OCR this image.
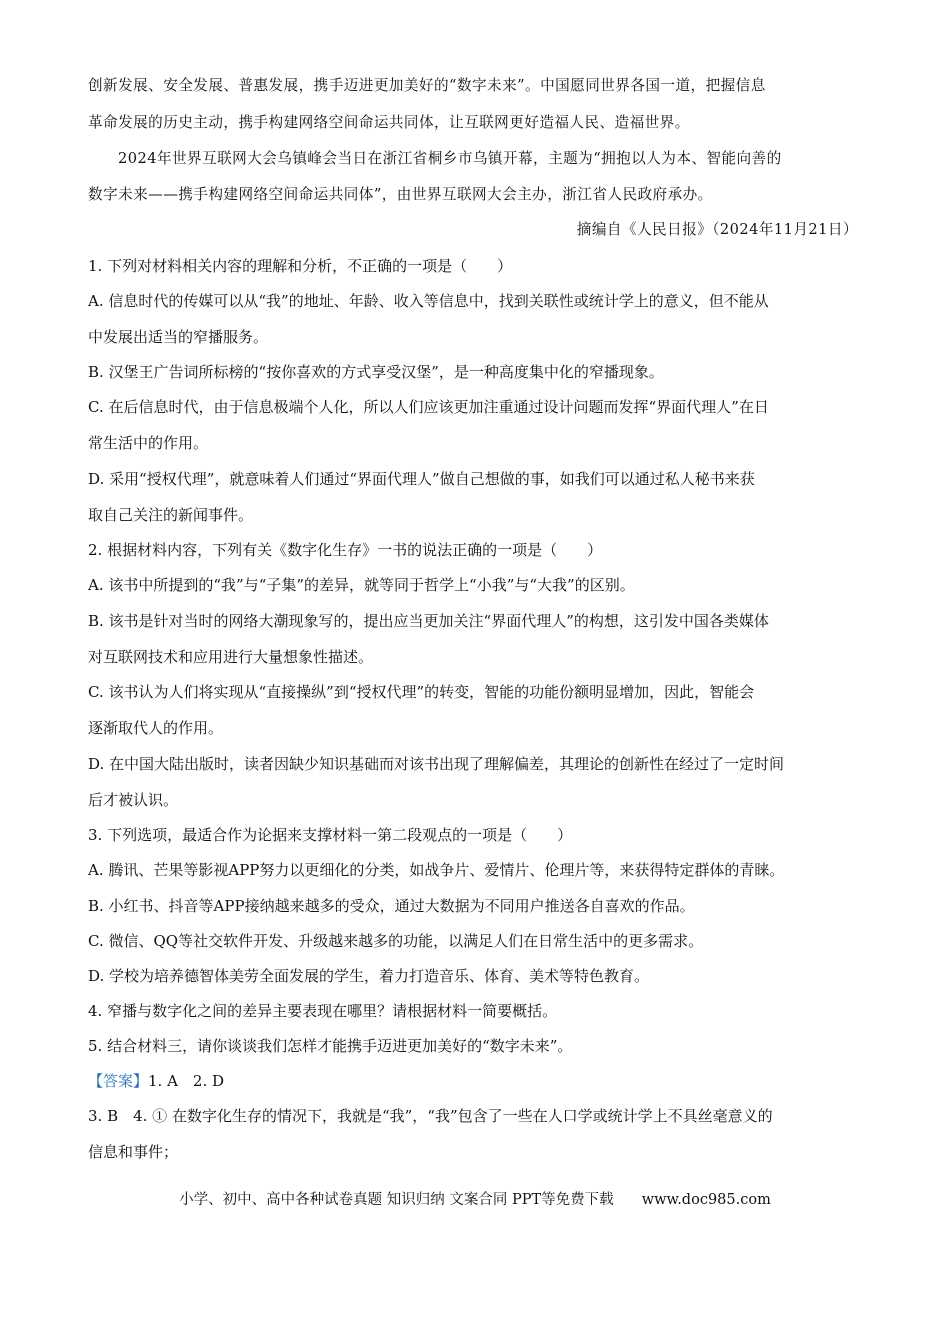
创新发展、安全发展、普惠发展，携手迈进更加美好的“数字未来”。中国愿同世界各国一道，把握信息
革命发展的历史主动，携手构建网络空间命运共同体，让互联网更好造福人民、造福世界。
2024年世界互联网大会乌镇峰会当日在浙江省桐乡市乌镇开幕，主题为“拥抱以人为本、智能向善的
数字未来——携手构建网络空间命运共同体”，由世界互联网大会主办，浙江省人民政府承办。
摘编自《人民日报》（2024年11月21日）
1. 下列对材料相关内容的理解和分析，不正确的一项是（　　）
A. 信息时代的传媒可以从“我”的地址、年龄、收入等信息中，找到关联性或统计学上的意义，但不能从
中发展出适当的窄播服务。
B. 汉堡王广告词所标榜的“按你喜欢的方式享受汉堡”，是一种高度集中化的窄播现象。
C. 在后信息时代，由于信息极端个人化，所以人们应该更加注重通过设计问题而发挥“界面代理人”在日
常生活中的作用。
D. 采用“授权代理”，就意味着人们通过“界面代理人”做自己想做的事，如我们可以通过私人秘书来获
取自己关注的新闻事件。
2. 根据材料内容，下列有关《数字化生存》一书的说法正确的一项是（　　）
A. 该书中所提到的“我”与“子集”的差异，就等同于哲学上“小我”与“大我”的区别。
B. 该书是针对当时的网络大潮现象写的，提出应当更加关注“界面代理人”的构想，这引发中国各类媒体
对互联网技术和应用进行大量想象性描述。
C. 该书认为人们将实现从“直接操纵”到“授权代理”的转变，智能的功能份额明显增加，因此，智能会
逐渐取代人的作用。
D. 在中国大陆出版时，读者因缺少知识基础而对该书出现了理解偏差，其理论的创新性在经过了一定时间
后才被认识。
3. 下列选项，最适合作为论据来支撑材料一第二段观点的一项是（　　）
A. 腾讯、芒果等影视APP努力以更细化的分类，如战争片、爱情片、伦理片等，来获得特定群体的青睐。
B. 小红书、抖音等APP接纳越来越多的受众，通过大数据为不同用户推送各自喜欢的作品。
C. 微信、QQ等社交软件开发、升级越来越多的功能，以满足人们在日常生活中的更多需求。
D. 学校为培养德智体美劳全面发展的学生，着力打造音乐、体育、美术等特色教育。
4. 窄播与数字化之间的差异主要表现在哪里？请根据材料一简要概括。
5. 结合材料三，请你谈谈我们怎样才能携手迈进更加美好的“数字未来”。
【答案】1. A　2. D
3. B　4. ① 在数字化生存的情况下，我就是“我”，“我”包含了一些在人口学或统计学上不具丝毫意义的
信息和事件；
小学、初中、高中各种试卷真题 知识归纳 文案合同 PPT等免费下载 www.doc985.com
